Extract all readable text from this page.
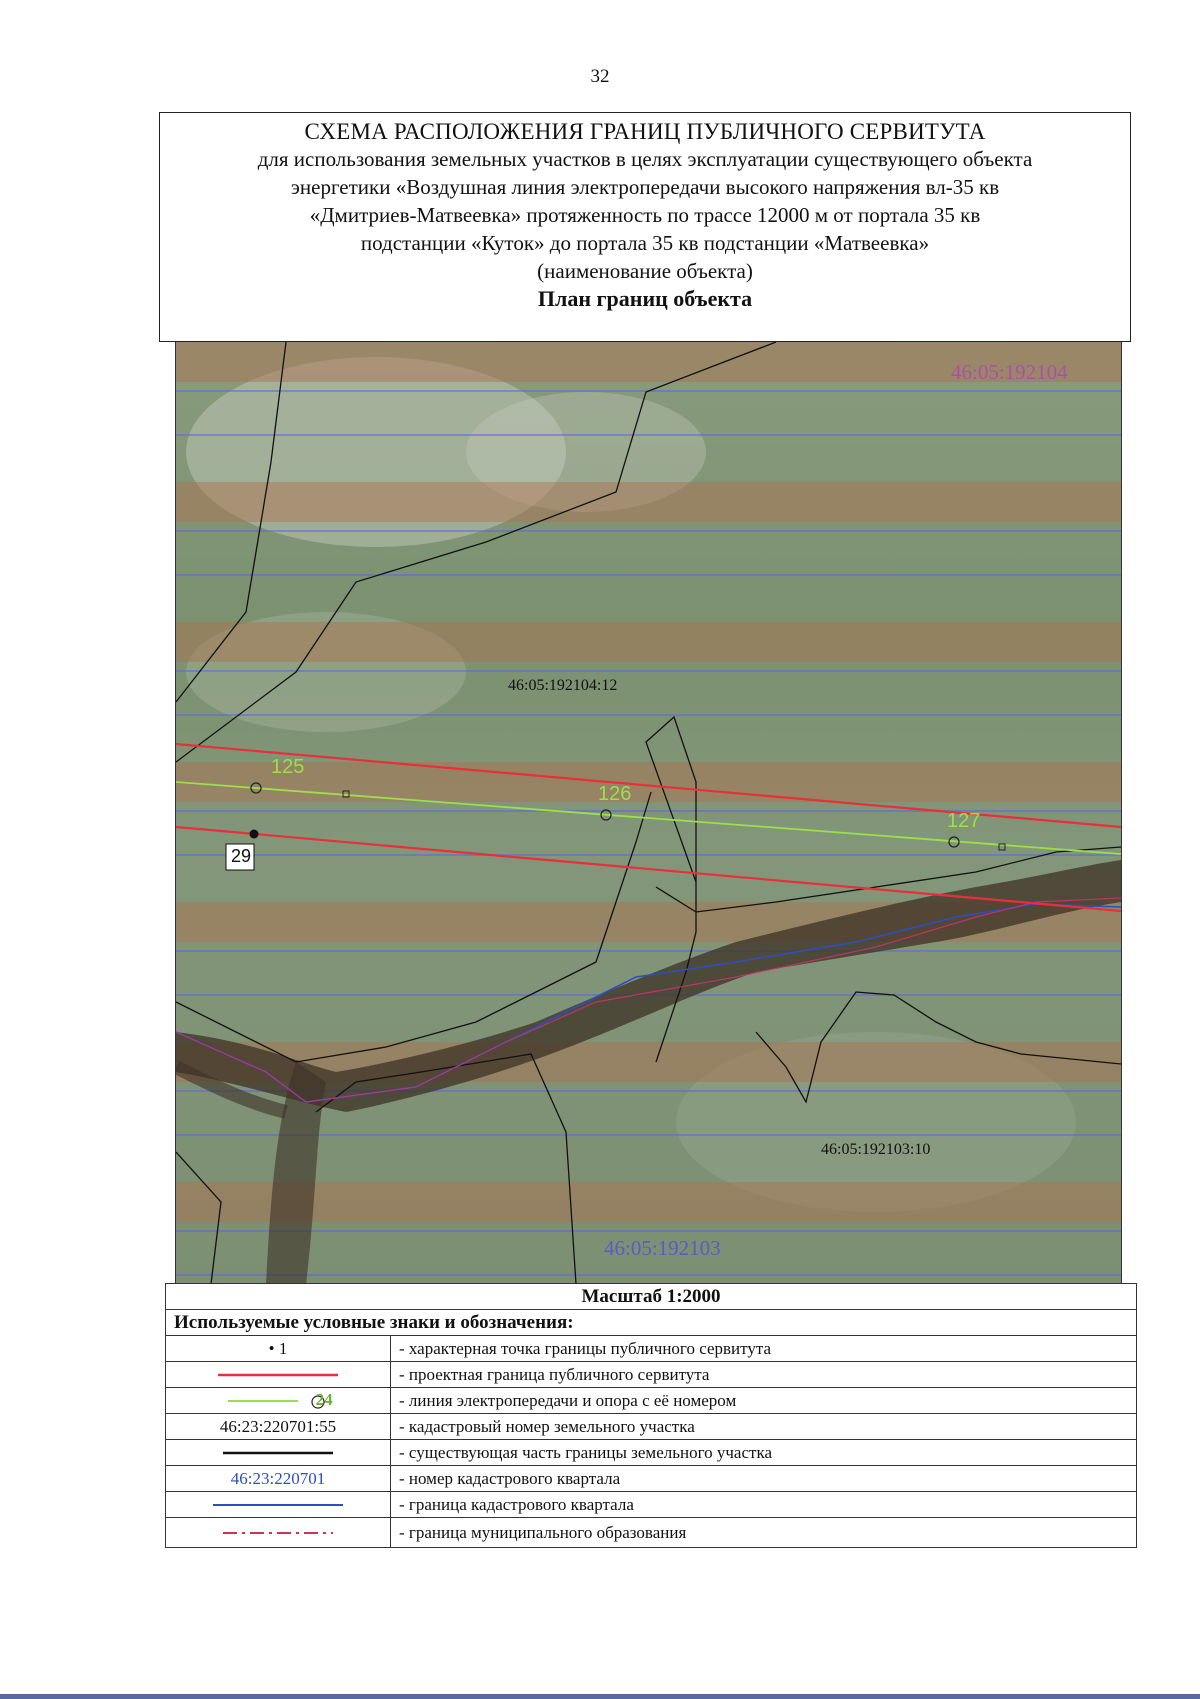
32
СХЕМА РАСПОЛОЖЕНИЯ ГРАНИЦ ПУБЛИЧНОГО СЕРВИТУТА
для использования земельных участков в целях эксплуатации существующего объекта
энергетики «Воздушная линия электропередачи высокого напряжения вл-35 кв
«Дмитриев-Матвеевка» протяженность по трассе 12000 м от портала 35 кв
подстанции «Куток» до портала 35 кв подстанции «Матвеевка»
(наименование объекта)
План границ объекта
46:05:192104
46:05:192104:12
46:05:192103:10
46:05:192103
125
126
127
29
Масштаб 1:2000	
Используемые условные знаки и обозначения:	
• 1	- характерная точка границы публичного сервитута
	- проектная граница публичного сервитута
24	- линия электропередачи и опора с её номером
46:23:220701:55	- кадастровый номер земельного участка
	- существующая часть границы земельного участка
46:23:220701	- номер кадастрового квартала
	- граница кадастрового квартала
	- граница муниципального образования
